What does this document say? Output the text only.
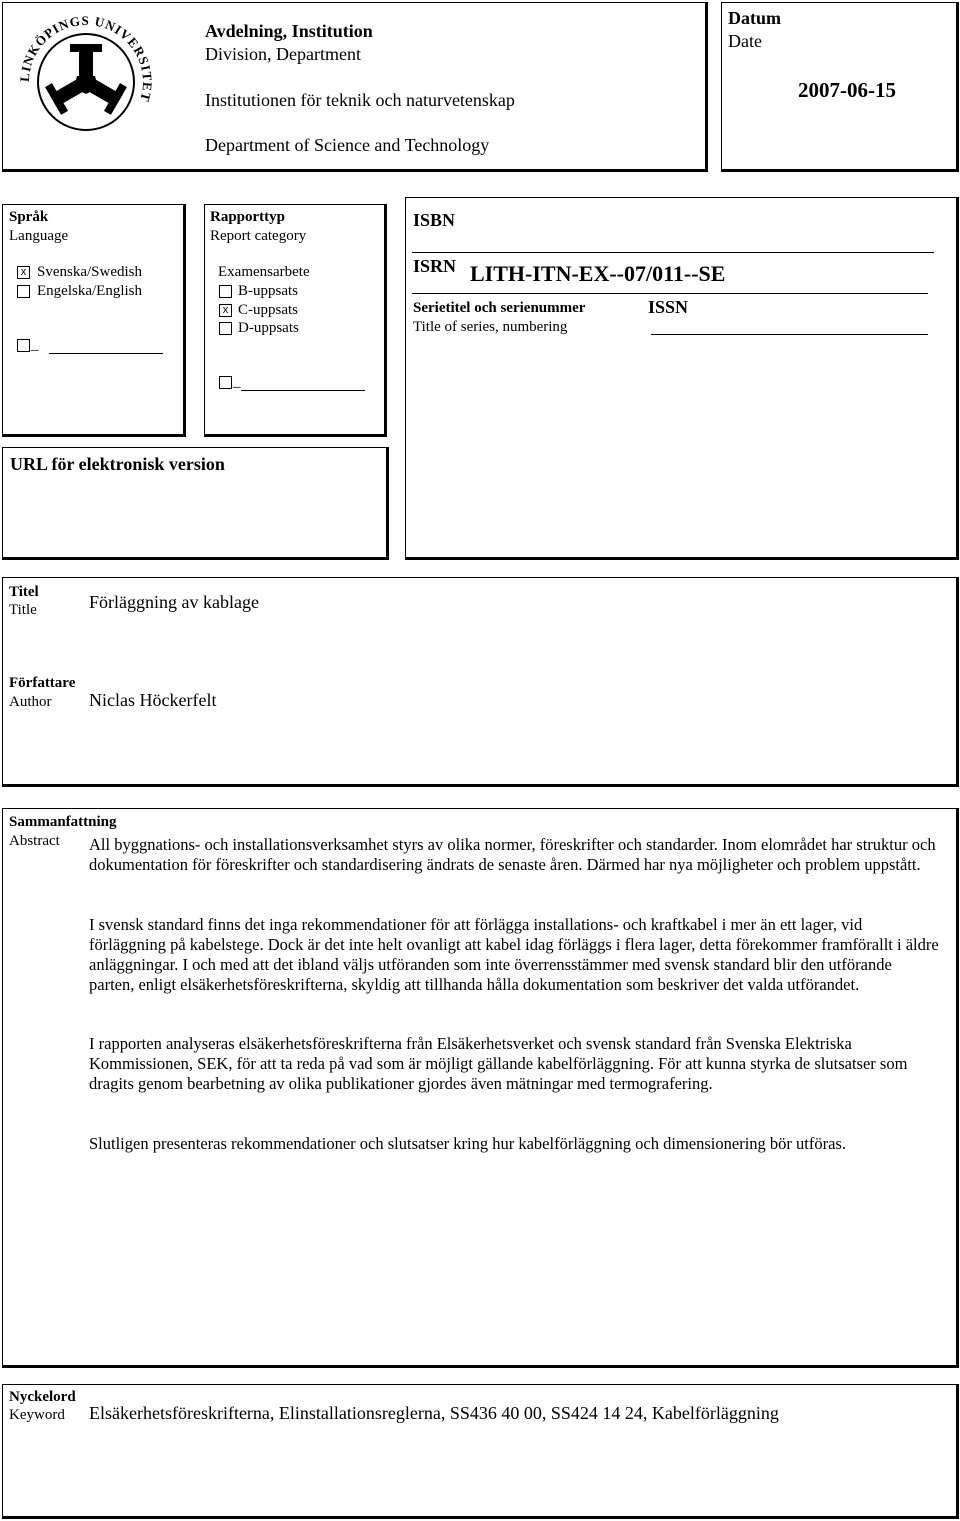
LINKÖPINGS UNIVERSITET
Avdelning, Institution
Division, Department
Institutionen för teknik och naturvetenskap
Department of Science and Technology
Datum
Date
2007-06-15
Språk
Language
x Svenska/Swedish
Engelska/English
_
Rapporttyp
Report category
Examensarbete
B-uppsats
x C-uppsats
D-uppsats
_
ISBN
ISRN LITH-ITN-EX--07/011--SE
Serietitel och serienummer
Title of series, numbering
ISSN
URL för elektronisk version
Titel
Title	Förläggning av kablage
Författare
Author Niclas Höckerfelt
Sammanfattning
Abstract All byggnations- och installationsverksamhet styrs av olika normer, föreskrifter och standarder. Inom elområdet har struktur och dokumentation för föreskrifter och standardisering ändrats de senaste åren. Därmed har nya möjligheter och problem uppstått.
I svensk standard finns det inga rekommendationer för att förlägga installations- och kraftkabel i mer än ett lager, vid förläggning på kabelstege. Dock är det inte helt ovanligt att kabel idag förläggs i flera lager, detta förekommer framförallt i äldre anläggningar. I och med att det ibland väljs utföranden som inte överrensstämmer med svensk standard blir den utförande parten, enligt elsäkerhetsföreskrifterna, skyldig att tillhanda hålla dokumentation som beskriver det valda utförandet.
I rapporten analyseras elsäkerhetsföreskrifterna från Elsäkerhetsverket och svensk standard från Svenska Elektriska Kommissionen, SEK, för att ta reda på vad som är möjligt gällande kabelförläggning. För att kunna styrka de slutsatser som dragits genom bearbetning av olika publikationer gjordes även mätningar med termografering.
Slutligen presenteras rekommendationer och slutsatser kring hur kabelförläggning och dimensionering bör utföras.
Nyckelord
Keyword Elsäkerhetsföreskrifterna, Elinstallationsreglerna, SS436 40 00, SS424 14 24, Kabelförläggning
